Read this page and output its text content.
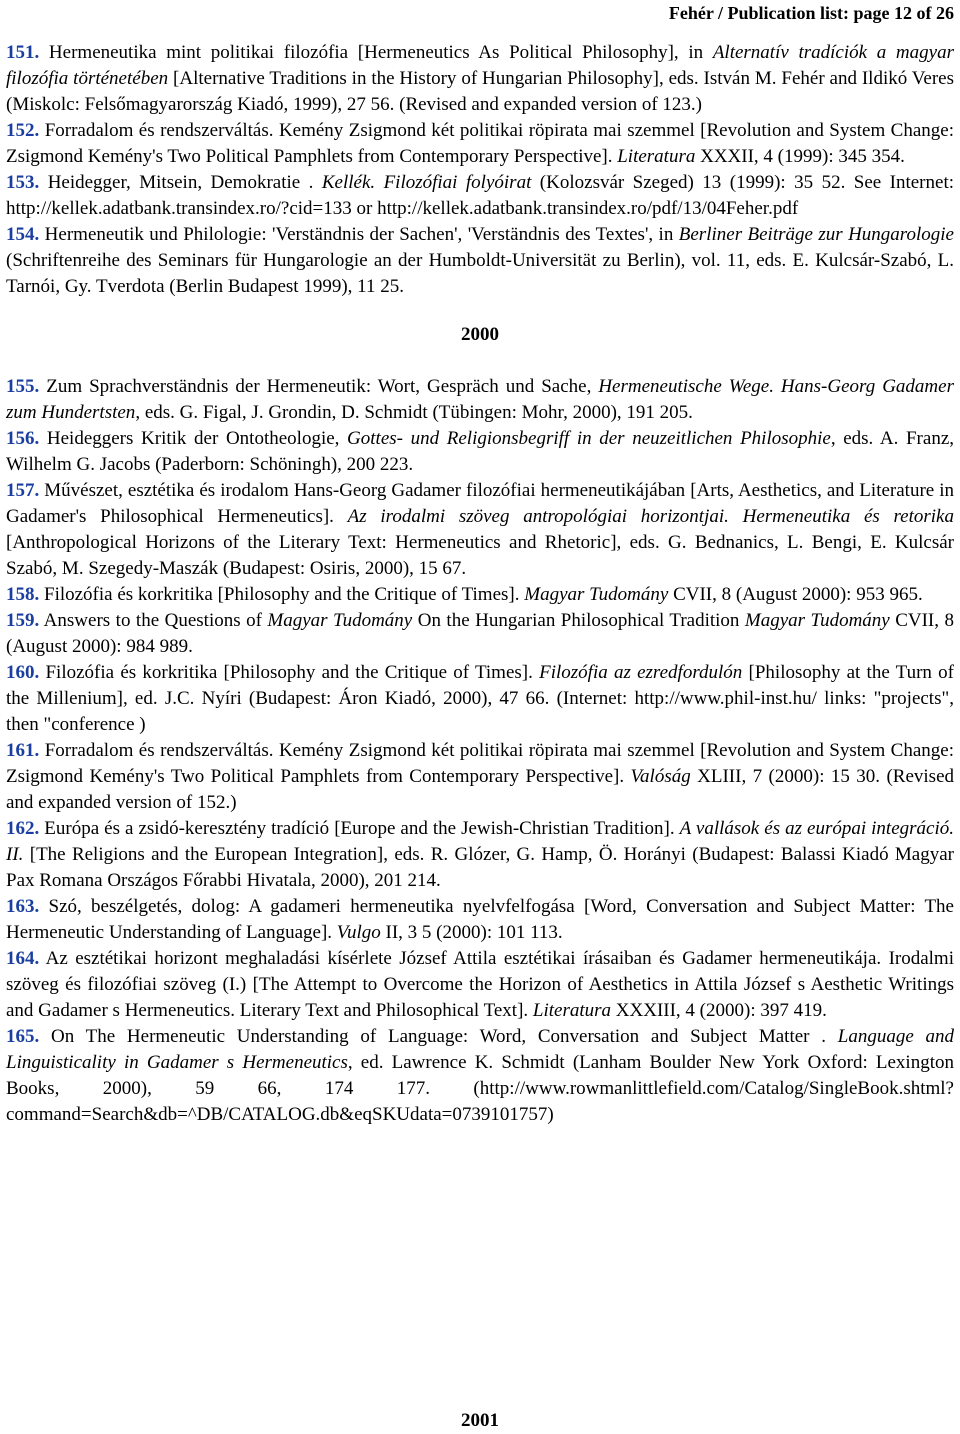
Fehér / Publication list: page 12 of 26

151. Hermeneutika mint politikai filozófia [Hermeneutics As Political Philosophy], in Alternatív tradíciók a magyar filozófia történetében [Alternative Traditions in the History of Hungarian Philosophy], eds. István M. Fehér and Ildikó Veres (Miskolc: Felsőmagyarország Kiadó, 1999), 27 56. (Revised and expanded version of 123.)

152. Forradalom és rendszerváltás. Kemény Zsigmond két politikai röpirata mai szemmel [Revolution and System Change: Zsigmond Kemény's Two Political Pamphlets from Contemporary Perspective]. Literatura XXXII, 4 (1999): 345 354.

153. Heidegger, Mitsein, Demokratie . Kellék. Filozófiai folyóirat (Kolozsvár Szeged) 13 (1999): 35 52. See Internet: http://kellek.adatbank.transindex.ro/?cid=133 or http://kellek.adatbank.transindex.ro/pdf/13/04Feher.pdf

154. Hermeneutik und Philologie: 'Verständnis der Sachen', 'Verständnis des Textes', in Berliner Beiträge zur Hungarologie (Schriftenreihe des Seminars für Hungarologie an der Humboldt-Universität zu Berlin), vol. 11, eds. E. Kulcsár-Szabó, L. Tarnói, Gy. Tverdota (Berlin Budapest 1999), 11 25.

2000

155. Zum Sprachverständnis der Hermeneutik: Wort, Gespräch und Sache, Hermeneutische Wege. Hans-Georg Gadamer zum Hundertsten, eds. G. Figal, J. Grondin, D. Schmidt (Tübingen: Mohr, 2000), 191 205.

156. Heideggers Kritik der Ontotheologie, Gottes- und Religionsbegriff in der neuzeitlichen Philosophie, eds. A. Franz, Wilhelm G. Jacobs (Paderborn: Schöningh), 200 223.

157. Művészet, esztétika és irodalom Hans-Georg Gadamer filozófiai hermeneutikájában [Arts, Aesthetics, and Literature in Gadamer's Philosophical Hermeneutics]. Az irodalmi szöveg antropológiai horizontjai. Hermeneutika és retorika [Anthropological Horizons of the Literary Text: Hermeneutics and Rhetoric], eds. G. Bednanics, L. Bengi, E. Kulcsár Szabó, M. Szegedy-Maszák (Budapest: Osiris, 2000), 15 67.

158. Filozófia és korkritika [Philosophy and the Critique of Times]. Magyar Tudomány CVII, 8 (August 2000): 953 965.

159. Answers to the Questions of Magyar Tudomány On the Hungarian Philosophical Tradition Magyar Tudomány CVII, 8 (August 2000): 984 989.

160. Filozófia és korkritika [Philosophy and the Critique of Times]. Filozófia az ezredfordulón [Philosophy at the Turn of the Millenium], ed. J.C. Nyíri (Budapest: Áron Kiadó, 2000), 47 66. (Internet: http://www.phil-inst.hu/ links: "projects", then "conference )

161. Forradalom és rendszerváltás. Kemény Zsigmond két politikai röpirata mai szemmel [Revolution and System Change: Zsigmond Kemény's Two Political Pamphlets from Contemporary Perspective]. Valóság XLIII, 7 (2000): 15 30. (Revised and expanded version of 152.)

162. Európa és a zsidó-keresztény tradíció [Europe and the Jewish-Christian Tradition]. A vallások és az európai integráció. II. [The Religions and the European Integration], eds. R. Glózer, G. Hamp, Ö. Horányi (Budapest: Balassi Kiadó Magyar Pax Romana Országos Főrabbi Hivatala, 2000), 201 214.

163. Szó, beszélgetés, dolog: A gadameri hermeneutika nyelvfelfogása [Word, Conversation and Subject Matter: The Hermeneutic Understanding of Language]. Vulgo II, 3 5 (2000): 101 113.

164. Az esztétikai horizont meghaladási kísérlete József Attila esztétikai írásaiban és Gadamer hermeneutikája. Irodalmi szöveg és filozófiai szöveg (I.) [The Attempt to Overcome the Horizon of Aesthetics in Attila József s Aesthetic Writings and Gadamer s Hermeneutics. Literary Text and Philosophical Text]. Literatura XXXIII, 4 (2000): 397 419.

165. On The Hermeneutic Understanding of Language: Word, Conversation and Subject Matter . Language and Linguisticality in Gadamer s Hermeneutics, ed. Lawrence K. Schmidt (Lanham Boulder New York Oxford: Lexington Books, 2000), 59 66, 174 177. (http://www.rowmanlittlefield.com/Catalog/SingleBook.shtml?command=Search&db=^DB/CATALOG.db&eqSKUdata=0739101757)

2001
